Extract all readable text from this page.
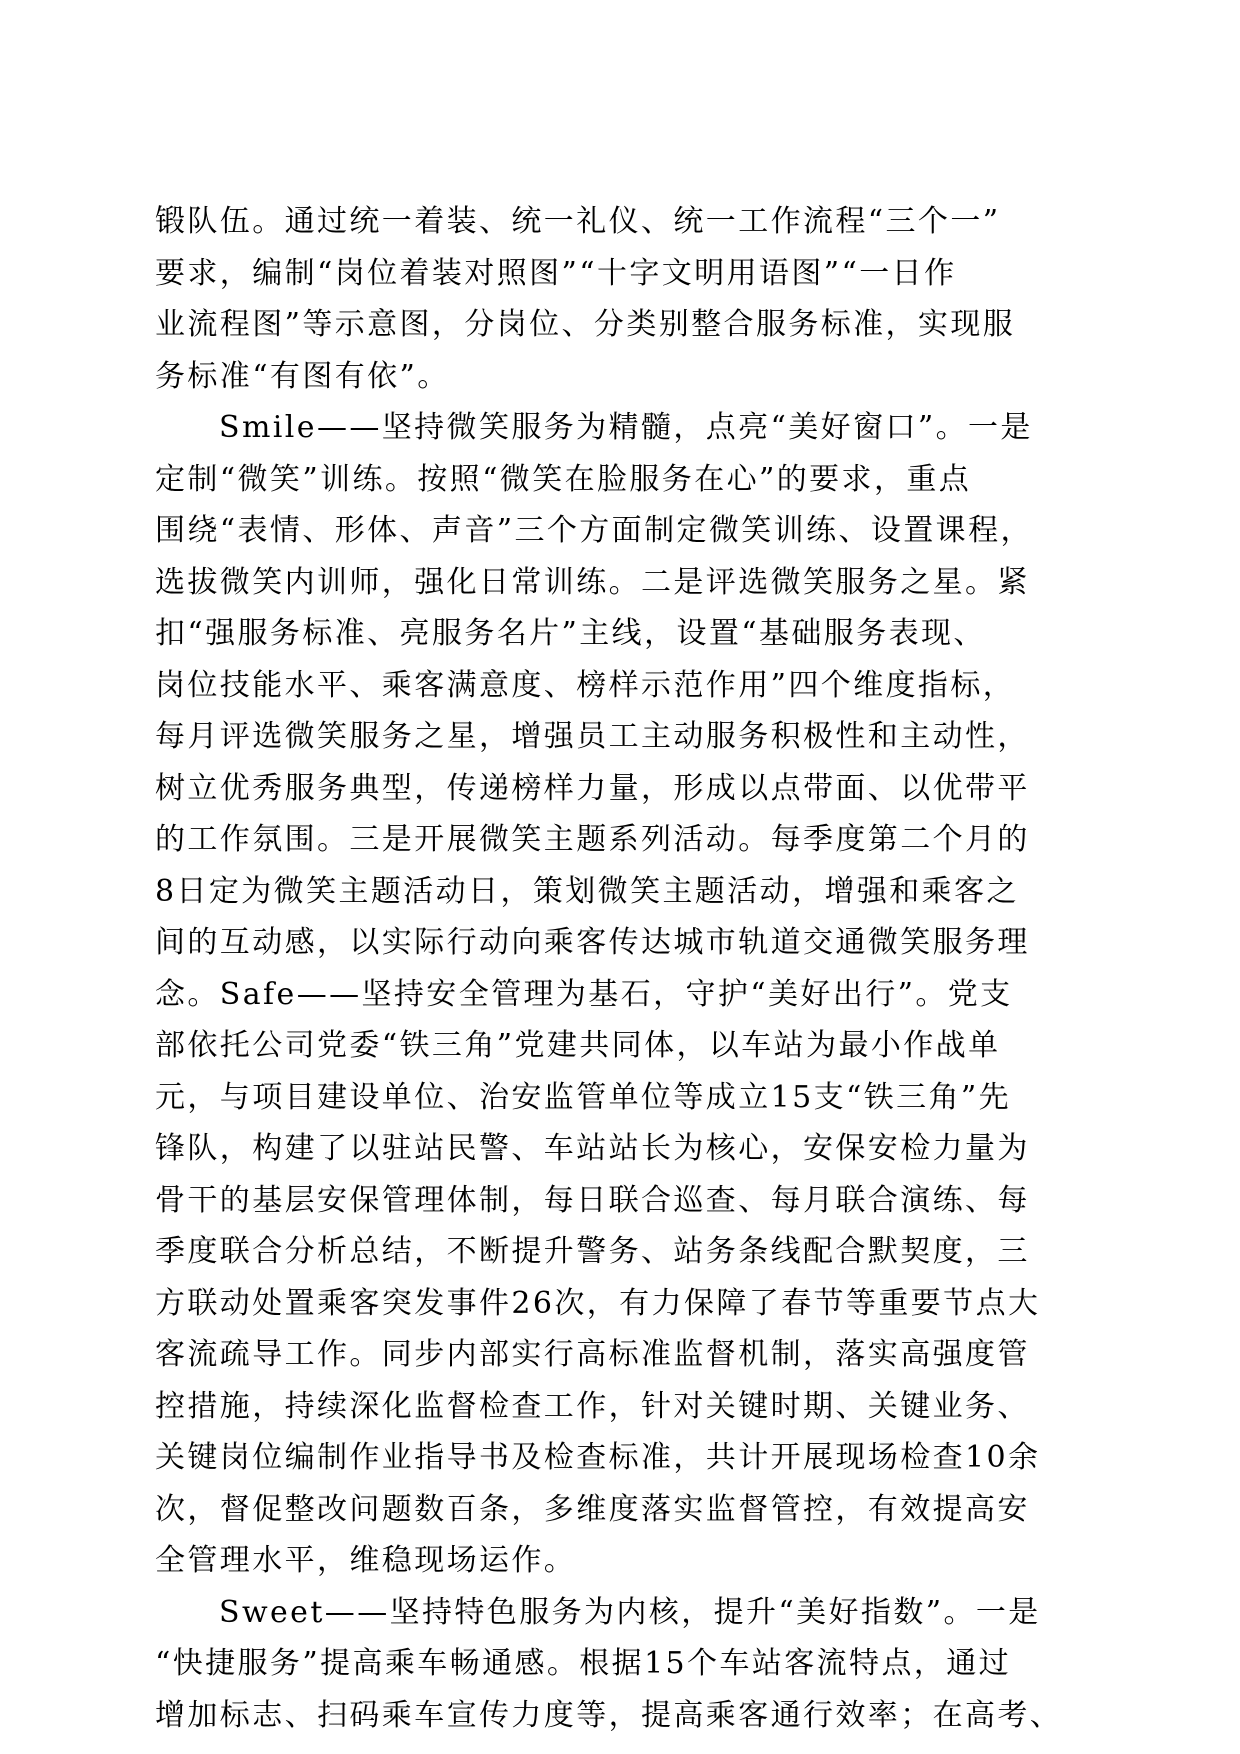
锻队伍。通过统一着装、统一礼仪、统一工作流程“三个一”
要求，编制“岗位着装对照图”“十字文明用语图”“一日作
业流程图”等示意图，分岗位、分类别整合服务标准，实现服
务标准“有图有依”。
Smile——坚持微笑服务为精髓，点亮“美好窗口”。一是
定制“微笑”训练。按照“微笑在脸服务在心”的要求，重点
围绕“表情、形体、声音”三个方面制定微笑训练、设置课程，
选拔微笑内训师，强化日常训练。二是评选微笑服务之星。紧
扣“强服务标准、亮服务名片”主线，设置“基础服务表现、
岗位技能水平、乘客满意度、榜样示范作用”四个维度指标，
每月评选微笑服务之星，增强员工主动服务积极性和主动性，
树立优秀服务典型，传递榜样力量，形成以点带面、以优带平
的工作氛围。三是开展微笑主题系列活动。每季度第二个月的
8日定为微笑主题活动日，策划微笑主题活动，增强和乘客之
间的互动感，以实际行动向乘客传达城市轨道交通微笑服务理
念。Safe——坚持安全管理为基石，守护“美好出行”。党支
部依托公司党委“铁三角”党建共同体，以车站为最小作战单
元，与项目建设单位、治安监管单位等成立15支“铁三角”先
锋队，构建了以驻站民警、车站站长为核心，安保安检力量为
骨干的基层安保管理体制，每日联合巡查、每月联合演练、每
季度联合分析总结，不断提升警务、站务条线配合默契度，三
方联动处置乘客突发事件26次，有力保障了春节等重要节点大
客流疏导工作。同步内部实行高标准监督机制，落实高强度管
控措施，持续深化监督检查工作，针对关键时期、关键业务、
关键岗位编制作业指导书及检查标准，共计开展现场检查10余
次，督促整改问题数百条，多维度落实监督管控，有效提高安
全管理水平，维稳现场运作。
Sweet——坚持特色服务为内核，提升“美好指数”。一是
“快捷服务”提高乘车畅通感。根据15个车站客流特点，通过
增加标志、扫码乘车宣传力度等，提高乘客通行效率；在高考、
